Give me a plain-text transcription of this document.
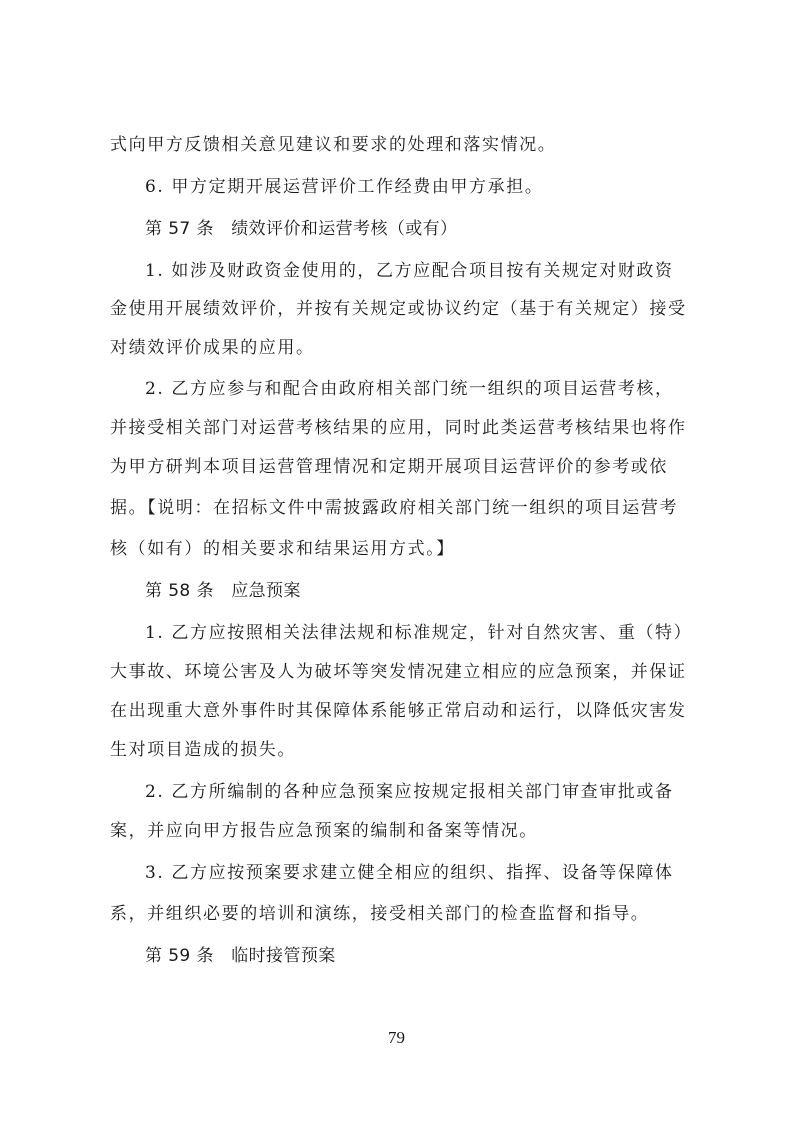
式向甲方反馈相关意见建议和要求的处理和落实情况。
6. 甲方定期开展运营评价工作经费由甲方承担。
第 57 条　绩效评价和运营考核（或有）
1. 如涉及财政资金使用的，乙方应配合项目按有关规定对财政资
金使用开展绩效评价，并按有关规定或协议约定（基于有关规定）接受
对绩效评价成果的应用。
2. 乙方应参与和配合由政府相关部门统一组织的项目运营考核，
并接受相关部门对运营考核结果的应用，同时此类运营考核结果也将作
为甲方研判本项目运营管理情况和定期开展项目运营评价的参考或依
据。【说明：在招标文件中需披露政府相关部门统一组织的项目运营考
核（如有）的相关要求和结果运用方式。】
第 58 条　应急预案
1. 乙方应按照相关法律法规和标准规定，针对自然灾害、重（特）
大事故、环境公害及人为破坏等突发情况建立相应的应急预案，并保证
在出现重大意外事件时其保障体系能够正常启动和运行，以降低灾害发
生对项目造成的损失。
2. 乙方所编制的各种应急预案应按规定报相关部门审查审批或备
案，并应向甲方报告应急预案的编制和备案等情况。
3. 乙方应按预案要求建立健全相应的组织、指挥、设备等保障体
系，并组织必要的培训和演练，接受相关部门的检查监督和指导。
第 59 条　临时接管预案
79
